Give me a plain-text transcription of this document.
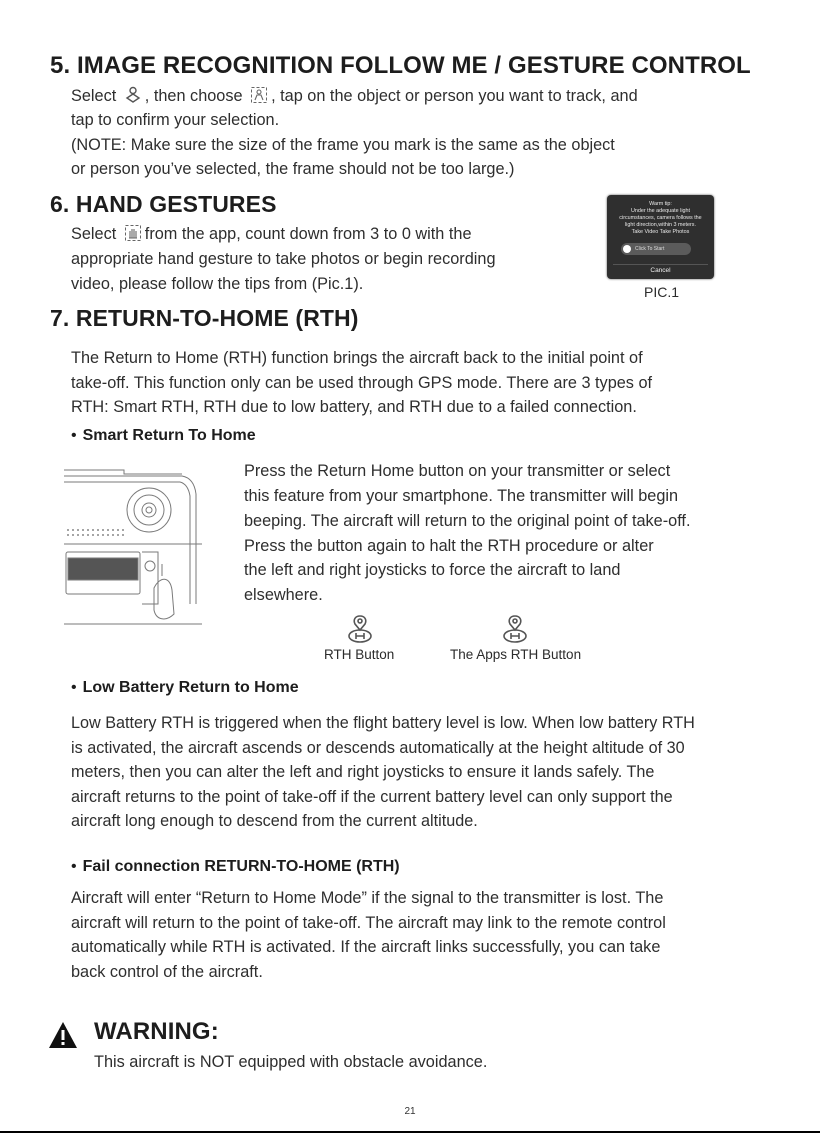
5. IMAGE RECOGNITION FOLLOW ME / GESTURE CONTROL

Select , then choose , tap on the object or person you want to track, and

tap to confirm your selection.

(NOTE: Make sure the size of the frame you mark is the same as the object

or person you’ve selected, the frame should not be too large.)

6. HAND GESTURES

Select from the app, count down from 3 to 0 with the

appropriate hand gesture to take photos or begin recording

video, please follow the tips from (Pic.1).

Warm tip:
Under the adequate light
circumstances, camera follows the
light direction,within 3 meters.
Take Video Take Photos
Click To Start
Cancel
PIC.1
7. RETURN-TO-HOME (RTH)

The Return to Home (RTH) function brings the aircraft back to the initial point of

take-off. This function only can be used through GPS mode. There are 3 types of

RTH: Smart RTH, RTH due to low battery, and RTH due to a failed connection.

• Smart Return To Home

Press the Return Home button on your transmitter or select

this feature from your smartphone. The transmitter will begin

beeping. The aircraft will return to the original point of take-off.

Press the button again to halt the RTH procedure or alter

the left and right joysticks to force the aircraft to land

elsewhere.

RTH Button	The Apps RTH Button

• Low Battery Return to Home

Low Battery RTH is triggered when the flight battery level is low. When low battery RTH

is activated, the aircraft ascends or descends automatically at the height altitude of 30

meters, then you can alter the left and right joysticks to ensure it lands safely. The

aircraft returns to the point of take-off if the current battery level can only support the

aircraft long enough to descend from the current altitude.

• Fail connection RETURN-TO-HOME (RTH)

Aircraft will enter “Return to Home Mode” if the signal to the transmitter is lost. The

aircraft will return to the point of take-off. The aircraft may link to the remote control

automatically while RTH is activated. If the aircraft links successfully, you can take

back control of the aircraft.

WARNING:

This aircraft is NOT equipped with obstacle avoidance.

21
